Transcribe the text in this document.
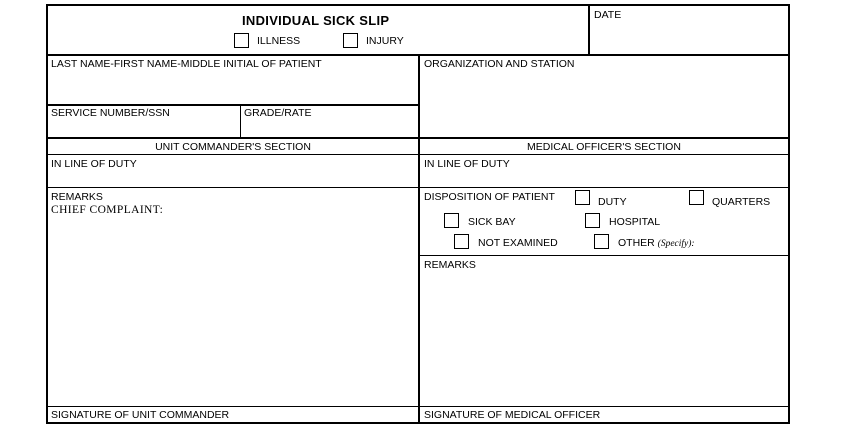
INDIVIDUAL SICK SLIP
ILLNESS	INJURY
DATE
LAST NAME-FIRST NAME-MIDDLE INITIAL OF PATIENT	ORGANIZATION AND STATION
SERVICE NUMBER/SSN	GRADE/RATE
UNIT COMMANDER'S SECTION	MEDICAL OFFICER'S SECTION
IN LINE OF DUTY	IN LINE OF DUTY
REMARKS
CHIEF COMPLAINT:
DISPOSITION OF PATIENT	DUTY	QUARTERS
SICK BAY	HOSPITAL
NOT EXAMINED	OTHER (Specify):
REMARKS
SIGNATURE OF UNIT COMMANDER	SIGNATURE OF MEDICAL OFFICER
